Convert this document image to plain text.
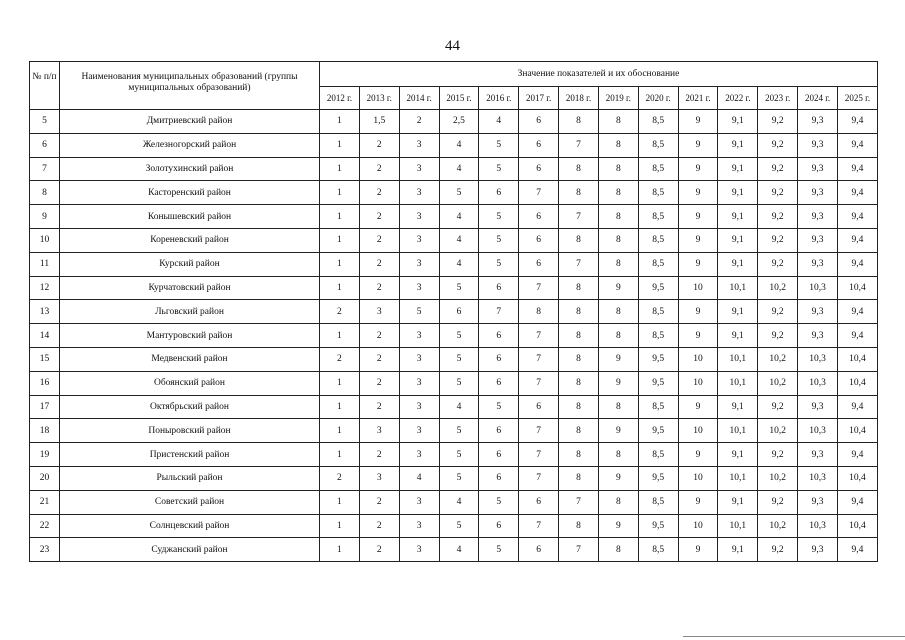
44
№ п/п	Наименования муниципальных образований (группы муниципальных образований)	Значение показателей и их обоснование													
		2012 г.	2013 г.	2014 г.	2015 г.	2016 г.	2017 г.	2018 г.	2019 г.	2020 г.	2021 г.	2022 г.	2023 г.	2024 г.	2025 г.
5	Дмитриевский район	1	1,5	2	2,5	4	6	8	8	8,5	9	9,1	9,2	9,3	9,4
6	Железногорский район	1	2	3	4	5	6	7	8	8,5	9	9,1	9,2	9,3	9,4
7	Золотухинский район	1	2	3	4	5	6	8	8	8,5	9	9,1	9,2	9,3	9,4
8	Касторенский район	1	2	3	5	6	7	8	8	8,5	9	9,1	9,2	9,3	9,4
9	Конышевский район	1	2	3	4	5	6	7	8	8,5	9	9,1	9,2	9,3	9,4
10	Кореневский район	1	2	3	4	5	6	8	8	8,5	9	9,1	9,2	9,3	9,4
11	Курский район	1	2	3	4	5	6	7	8	8,5	9	9,1	9,2	9,3	9,4
12	Курчатовский район	1	2	3	5	6	7	8	9	9,5	10	10,1	10,2	10,3	10,4
13	Льговский район	2	3	5	6	7	8	8	8	8,5	9	9,1	9,2	9,3	9,4
14	Мантуровский район	1	2	3	5	6	7	8	8	8,5	9	9,1	9,2	9,3	9,4
15	Медвенский район	2	2	3	5	6	7	8	9	9,5	10	10,1	10,2	10,3	10,4
16	Обоянский район	1	2	3	5	6	7	8	9	9,5	10	10,1	10,2	10,3	10,4
17	Октябрьский район	1	2	3	4	5	6	8	8	8,5	9	9,1	9,2	9,3	9,4
18	Поныровский район	1	3	3	5	6	7	8	9	9,5	10	10,1	10,2	10,3	10,4
19	Пристенский район	1	2	3	5	6	7	8	8	8,5	9	9,1	9,2	9,3	9,4
20	Рыльский район	2	3	4	5	6	7	8	9	9,5	10	10,1	10,2	10,3	10,4
21	Советский район	1	2	3	4	5	6	7	8	8,5	9	9,1	9,2	9,3	9,4
22	Солнцевский район	1	2	3	5	6	7	8	9	9,5	10	10,1	10,2	10,3	10,4
23	Суджанский район	1	2	3	4	5	6	7	8	8,5	9	9,1	9,2	9,3	9,4
